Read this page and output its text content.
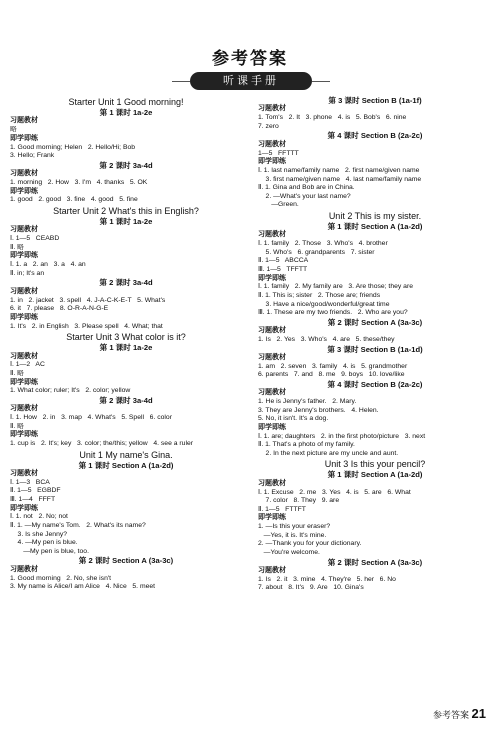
参考答案
听课手册
Starter Unit 1 Good morning!
第 1 课时 1a-2e
习题教材
略
即学即练
1. Good morning; Helen   2. Hello/Hi; Bob
3. Hello; Frank
第 2 课时 3a-4d
习题教材
1. morning   2. How   3. I'm   4. thanks   5. OK
即学即练
1. good   2. good   3. fine   4. good   5. fine
Starter Unit 2 What's this in English?
第 1 课时 1a-2e
习题教材
Ⅰ. 1—5   CEABD
Ⅱ. 略
即学即练
Ⅰ. 1. a   2. an   3. a   4. an
Ⅱ. in; It's an
第 2 课时 3a-4d
习题教材
1. in   2. jacket   3. spell   4. J-A-C-K-E-T   5. What's
6. it   7. please   8. O-R-A-N-G-E
即学即练
1. It's   2. in English   3. Please spell   4. What; that
Starter Unit 3 What color is it?
第 1 课时 1a-2e
习题教材
Ⅰ. 1—2   AC
Ⅱ. 略
即学即练
1. What color; ruler; It's   2. color; yellow
第 2 课时 3a-4d
习题教材
Ⅰ. 1. How   2. in   3. map   4. What's   5. Spell   6. color
Ⅱ. 略
即学即练
1. cup is   2. It's; key   3. color; the/this; yellow   4. see a ruler
Unit 1 My name's Gina.
第 1 课时 Section A (1a-2d)
习题教材
Ⅰ. 1—3   BCA
Ⅱ. 1—5   EGBDF
Ⅲ. 1—4   FFFT
即学即练
Ⅰ. 1. not   2. No; not
Ⅱ. 1. —My name's Tom.   2. What's its name?
3. Is she Jenny?
4. —My pen is blue.
—My pen is blue, too.
第 2 课时 Section A (3a-3c)
习题教材
1. Good morning   2. No, she isn't
3. My name is Alice/I am Alice   4. Nice   5. meet
第 3 课时 Section B (1a-1f)
习题教材
1. Tom's   2. It   3. phone   4. is   5. Bob's   6. nine
7. zero
第 4 课时 Section B (2a-2c)
习题教材
1—5   FFTTT
即学即练
Ⅰ. 1. last name/family name   2. first name/given name
3. first name/given name   4. last name/family name
Ⅱ. 1. Gina and Bob are in China.
2. —What's your last name?
—Green.
Unit 2 This is my sister.
第 1 课时 Section A (1a-2d)
习题教材
Ⅰ. 1. family   2. Those   3. Who's   4. brother
5. Who's   6. grandparents   7. sister
Ⅱ. 1—5   ABCCA
Ⅲ. 1—5   TFFTT
即学即练
Ⅰ. 1. family   2. My family are   3. Are those; they are
Ⅱ. 1. This is; sister   2. Those are; friends
3. Have a nice/good/wonderful/great time
Ⅲ. 1. These are my two friends.   2. Who are you?
第 2 课时 Section A (3a-3c)
习题教材
1. Is   2. Yes   3. Who's   4. are   5. these/they
第 3 课时 Section B (1a-1d)
习题教材
1. am   2. seven   3. family   4. is   5. grandmother
6. parents   7. and   8. me   9. boys   10. love/like
第 4 课时 Section B (2a-2c)
习题教材
1. He is Jenny's father.   2. Mary.
3. They are Jenny's brothers.   4. Helen.
5. No, it isn't. It's a dog.
即学即练
Ⅰ. 1. are; daughters   2. in the first photo/picture   3. next
Ⅱ. 1. That's a photo of my family.
2. In the next picture are my uncle and aunt.
Unit 3 Is this your pencil?
第 1 课时 Section A (1a-2d)
习题教材
Ⅰ. 1. Excuse   2. me   3. Yes   4. is   5. are   6. What
7. color   8. They   9. are
Ⅱ. 1—5   FTTFT
即学即练
1. —Is this your eraser?
—Yes, it is. It's mine.
2. —Thank you for your dictionary.
—You're welcome.
第 2 课时 Section A (3a-3c)
习题教材
1. Is   2. it   3. mine   4. They're   5. her   6. No
7. about   8. It's   9. Are   10. Gina's
参考答案 21
